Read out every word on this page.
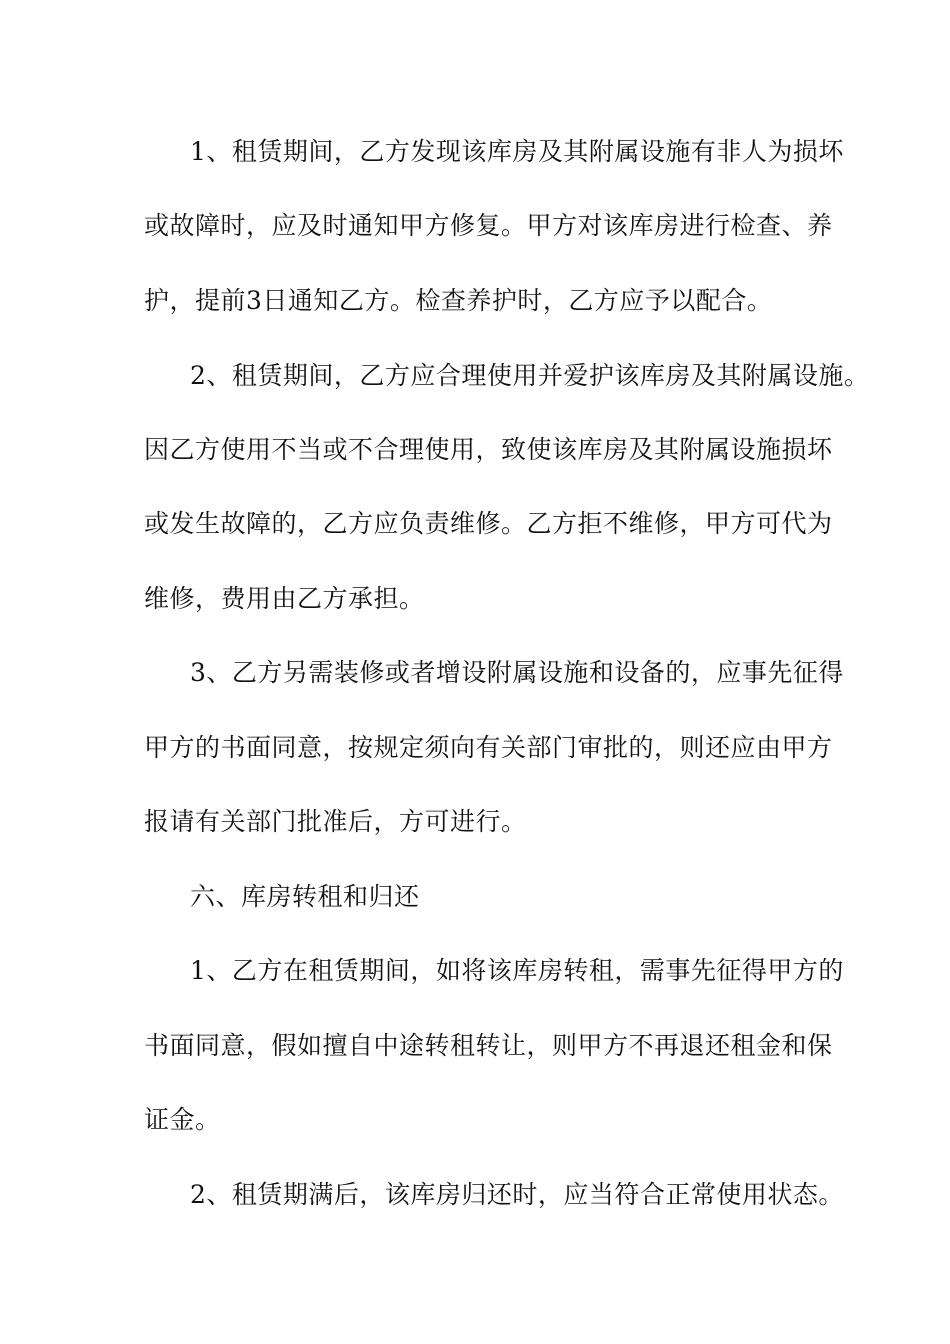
1、租赁期间，乙方发现该库房及其附属设施有非人为损坏
或故障时，应及时通知甲方修复。甲方对该库房进行检查、养
护，提前3日通知乙方。检查养护时，乙方应予以配合。
2、租赁期间，乙方应合理使用并爱护该库房及其附属设施。
因乙方使用不当或不合理使用，致使该库房及其附属设施损坏
或发生故障的，乙方应负责维修。乙方拒不维修，甲方可代为
维修，费用由乙方承担。
3、乙方另需装修或者增设附属设施和设备的，应事先征得
甲方的书面同意，按规定须向有关部门审批的，则还应由甲方
报请有关部门批准后，方可进行。
六、库房转租和归还
1、乙方在租赁期间，如将该库房转租，需事先征得甲方的
书面同意，假如擅自中途转租转让，则甲方不再退还租金和保
证金。
2、租赁期满后，该库房归还时，应当符合正常使用状态。
